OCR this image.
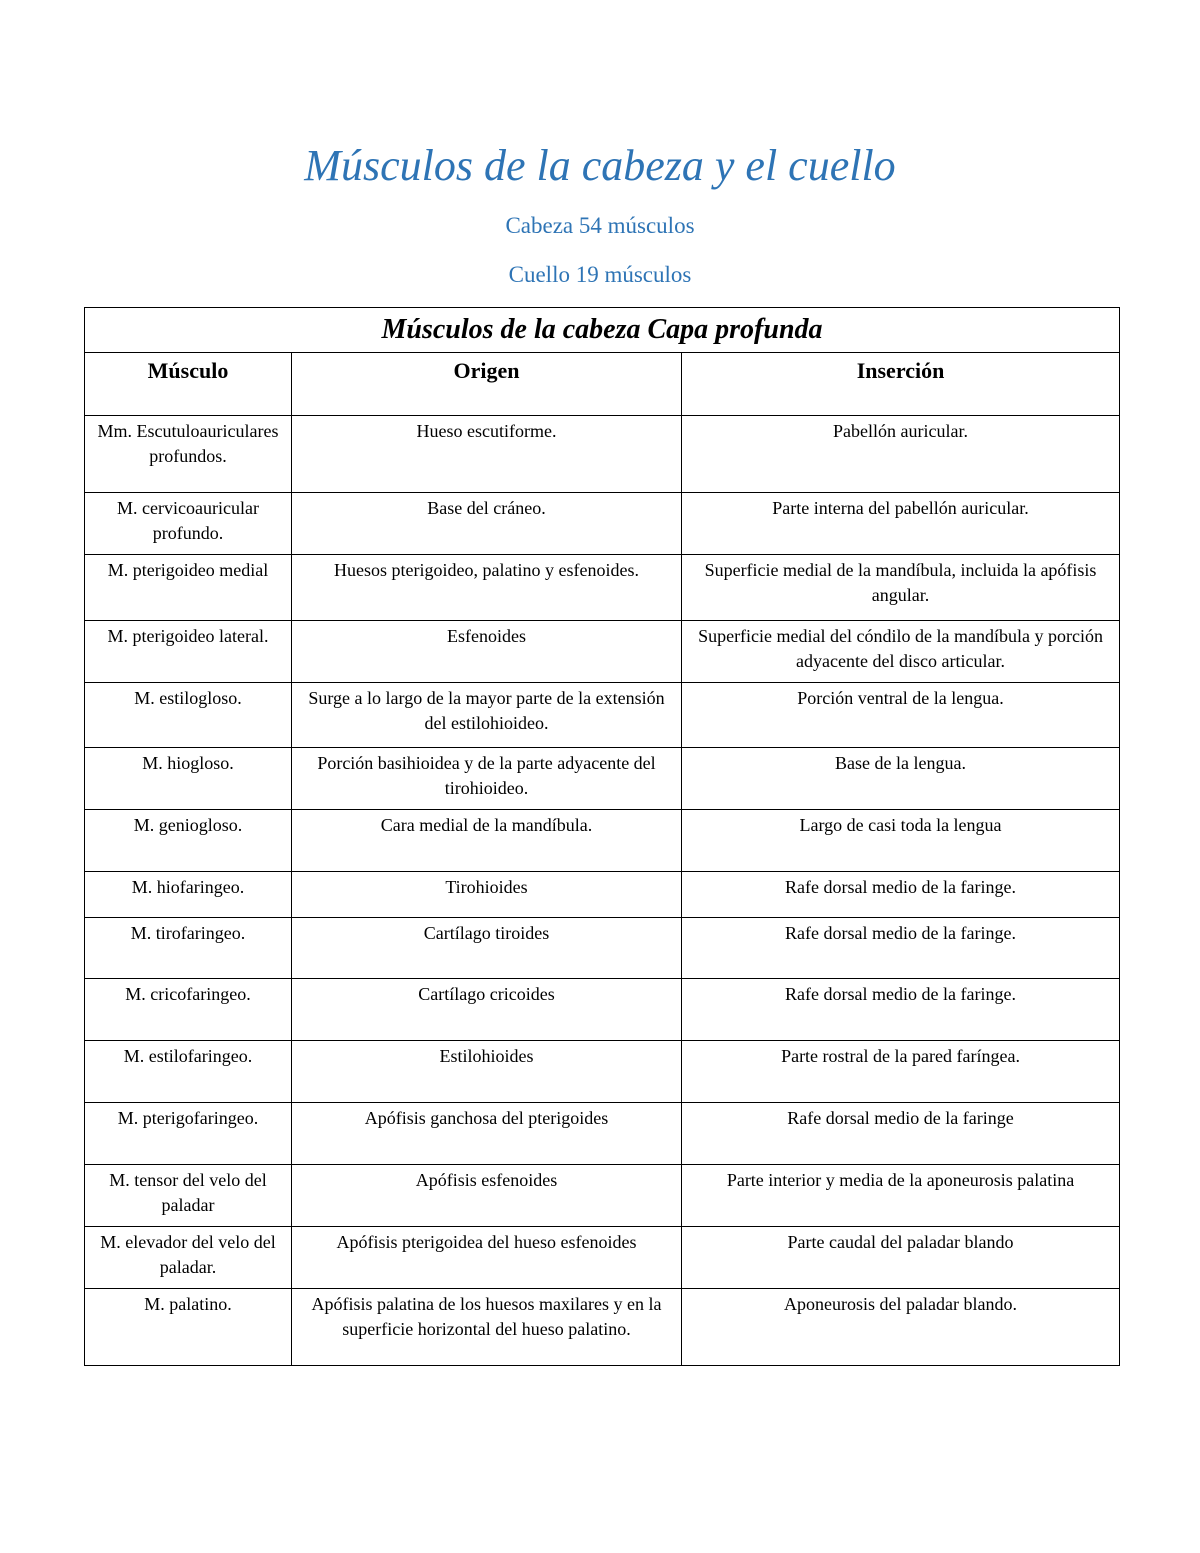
Músculos de la cabeza y el cuello

Cabeza 54 músculos

Cuello 19 músculos

Músculos de la cabeza Capa profunda		
Músculo	Origen	Inserción
Mm. Escutuloauriculares profundos.	Hueso escutiforme.	Pabellón auricular.
M. cervicoauricular profundo.	Base del cráneo.	Parte interna del pabellón auricular.
M. pterigoideo medial	Huesos pterigoideo, palatino y esfenoides.	Superficie medial de la mandíbula, incluida la apófisis angular.
M. pterigoideo lateral.	Esfenoides	Superficie medial del cóndilo de la mandíbula y porción adyacente del disco articular.
M. estilogloso.	Surge a lo largo de la mayor parte de la extensión del estilohioideo.	Porción ventral de la lengua.
M. hiogloso.	Porción basihioidea y de la parte adyacente del tirohioideo.	Base de la lengua.
M. geniogloso.	Cara medial de la mandíbula.	Largo de casi toda la lengua
M. hiofaringeo.	Tirohioides	Rafe dorsal medio de la faringe.
M. tirofaringeo.	Cartílago tiroides	Rafe dorsal medio de la faringe.
M. cricofaringeo.	Cartílago cricoides	Rafe dorsal medio de la faringe.
M. estilofaringeo.	Estilohioides	Parte rostral de la pared faríngea.
M. pterigofaringeo.	Apófisis ganchosa del pterigoides	Rafe dorsal medio de la faringe
M. tensor del velo del paladar	Apófisis esfenoides	Parte interior y media de la aponeurosis palatina
M. elevador del velo del paladar.	Apófisis pterigoidea del hueso esfenoides	Parte caudal del paladar blando
M. palatino.	Apófisis palatina de los huesos maxilares y en la superficie horizontal del hueso palatino.	Aponeurosis del paladar blando.
